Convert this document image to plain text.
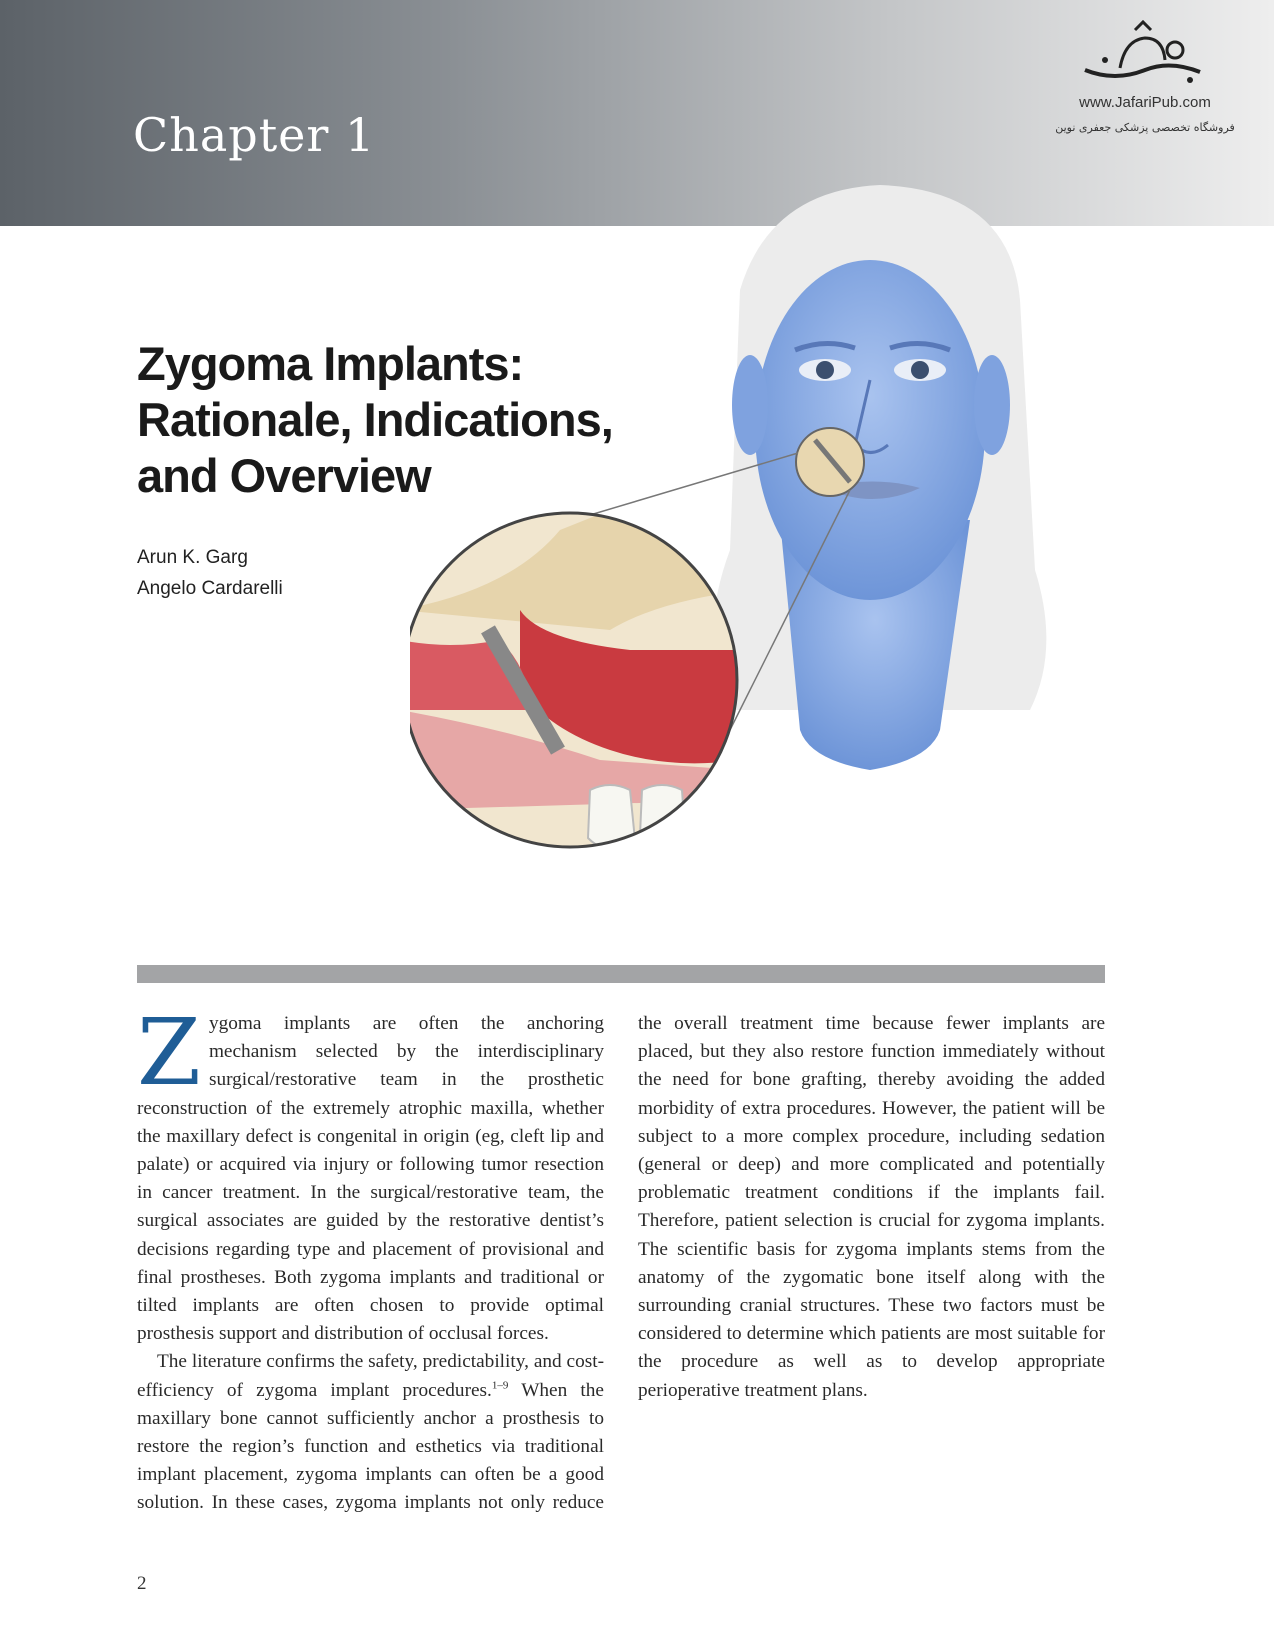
Chapter 1
www.JafariPub.com
فروشگاه تخصصی پزشکی جعفری نوین
Zygoma Implants:
Rationale, Indications,
and Overview
Arun K. Garg
Angelo Cardarelli

Zygoma implants are often the anchoring mechanism selected by the interdisciplinary surgical/restorative team in the prosthetic reconstruction of the extremely atrophic maxilla, whether the maxillary defect is congenital in origin (eg, cleft lip and palate) or acquired via injury or following tumor resection in cancer treatment. In the surgical/restorative team, the surgical associates are guided by the restorative dentist’s decisions regarding type and placement of provisional and final prostheses. Both zygoma implants and traditional or tilted implants are often chosen to provide optimal prosthesis support and distribution of occlusal forces.

The literature confirms the safety, predictability, and cost-efficiency of zygoma implant procedures.$^{1-9}$ When the maxillary bone cannot sufficiently anchor a prosthesis to restore the region’s function and esthetics via traditional implant placement, zygoma implants can often be a good solution. In these cases, zygoma implants not only reduce the overall treatment time because fewer implants are placed, but they also restore function immediately without the need for bone grafting, thereby avoiding the added morbidity of extra procedures. However, the patient will be subject to a more complex procedure, including sedation (general or deep) and more complicated and potentially problematic treatment conditions if the implants fail. Therefore, patient selection is crucial for zygoma implants. The scientific basis for zygoma implants stems from the anatomy of the zygomatic bone itself along with the surrounding cranial structures. These two factors must be considered to determine which patients are most suitable for the procedure as well as to develop appropriate perioperative treatment plans.

2
